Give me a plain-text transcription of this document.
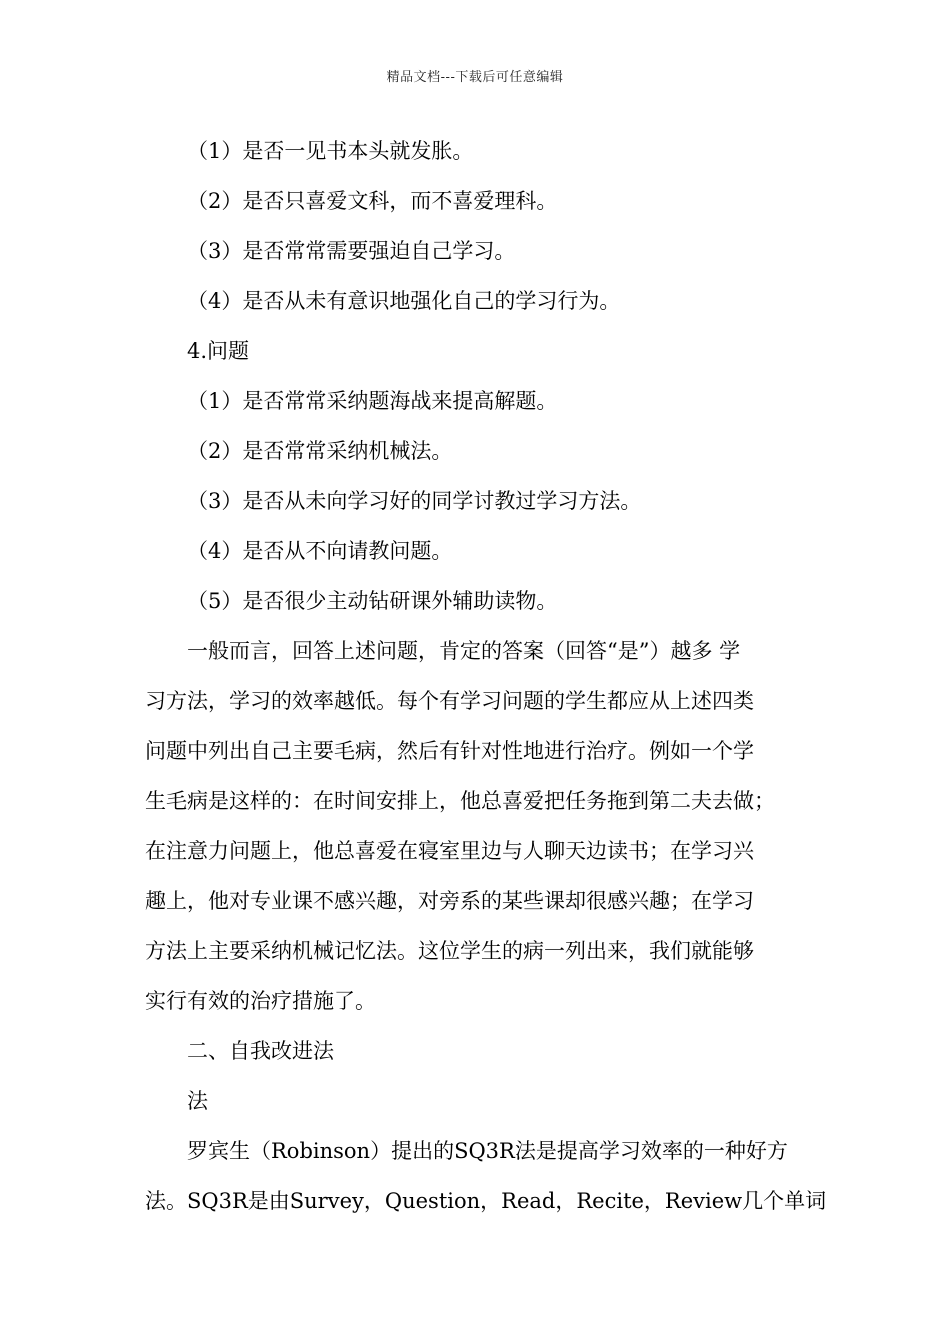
精品文档---下载后可任意编辑
（1）是否一见书本头就发胀。
（2）是否只喜爱文科，而不喜爱理科。
（3）是否常常需要强迫自己学习。
（4）是否从未有意识地强化自己的学习行为。
4.问题
（1）是否常常采纳题海战来提高解题。
（2）是否常常采纳机械法。
（3）是否从未向学习好的同学讨教过学习方法。
（4）是否从不向请教问题。
（5）是否很少主动钻研课外辅助读物。
一般而言，回答上述问题，肯定的答案（回答“是”）越多 学
习方法，学习的效率越低。每个有学习问题的学生都应从上述四类
问题中列出自己主要毛病，然后有针对性地进行治疗。例如一个学
生毛病是这样的：在时间安排上，他总喜爱把任务拖到第二夫去做；
在注意力问题上，他总喜爱在寝室里边与人聊天边读书；在学习兴
趣上，他对专业课不感兴趣，对旁系的某些课却很感兴趣；在学习
方法上主要采纳机械记忆法。这位学生的病一列出来，我们就能够
实行有效的治疗措施了。
二、自我改进法
法
罗宾生（Robinson）提出的SQ3R法是提高学习效率的一种好方
法。SQ3R是由Survey，Question，Read，Recite，Review几个单词
